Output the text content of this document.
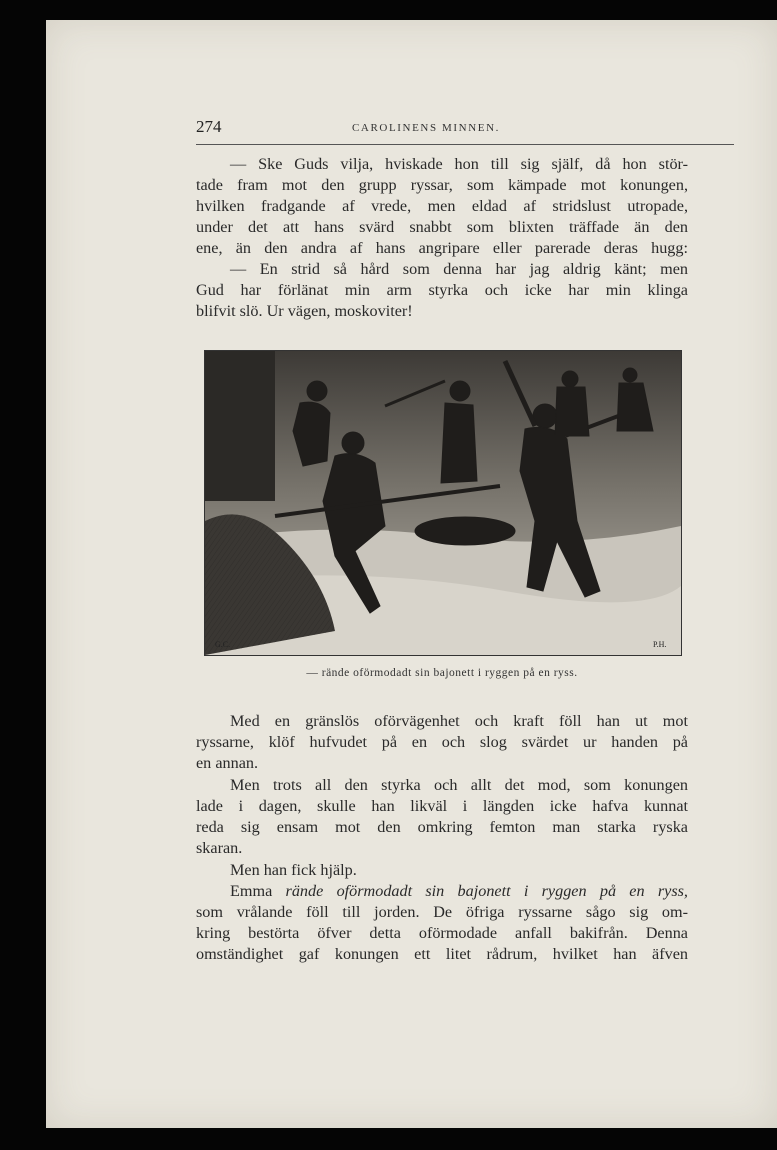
274	CAROLINENS MINNEN.

— Ske Guds vilja, hviskade hon till sig själf, då hon stör-
tade fram mot den grupp ryssar, som kämpade mot konungen,
hvilken fradgande af vrede, men eldad af stridslust utropade,
under det att hans svärd snabbt som blixten träffade än den
ene, än den andra af hans angripare eller parerade deras hugg:

— En strid så hård som denna har jag aldrig känt; men
Gud har förlänat min arm styrka och icke har min klinga
blifvit slö. Ur vägen, moskoviter!

G.C.	P.H.
— rände oförmodadt sin bajonett i ryggen på en ryss.

Med en gränslös oförvägenhet och kraft föll han ut mot
ryssarne, klöf hufvudet på en och slog svärdet ur handen på
en annan.

Men trots all den styrka och allt det mod, som konungen
lade i dagen, skulle han likväl i längden icke hafva kunnat
reda sig ensam mot den omkring femton man starka ryska
skaran.

Men han fick hjälp.

Emma rände oförmodadt sin bajonett i ryggen på en ryss,
som vrålande föll till jorden. De öfriga ryssarne sågo sig om-
kring bestörta öfver detta oförmodade anfall bakifrån. Denna
omständighet gaf konungen ett litet rådrum, hvilket han äfven
